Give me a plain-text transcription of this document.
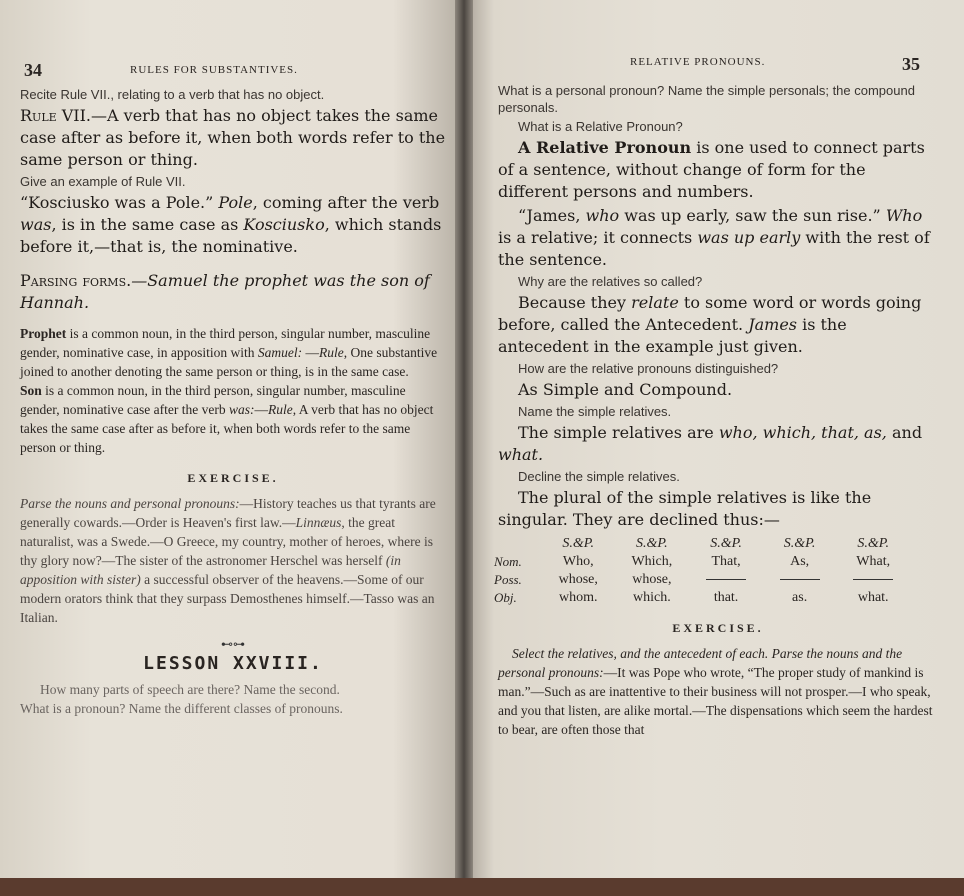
34	RULES FOR SUBSTANTIVES.

Recite Rule VII., relating to a verb that has no object.

Rule VII.—A verb that has no object takes the same case after as before it, when both words refer to the same person or thing.

Give an example of Rule VII.

“Kosciusko was a Pole.” Pole, coming after the verb was, is in the same case as Kosciusko, which stands before it,—that is, the nominative.

Parsing forms.—Samuel the prophet was the son of Hannah.

Prophet is a common noun, in the third person, singular number, masculine gender, nominative case, in apposition with Samuel: —Rule, One substantive joined to another denoting the same person or thing, is in the same case.

Son is a common noun, in the third person, singular number, masculine gender, nominative case after the verb was:—Rule, A verb that has no object takes the same case after as before it, when both words refer to the same person or thing.

EXERCISE.

Parse the nouns and personal pronouns:—History teaches us that tyrants are generally cowards.—Order is Heaven's first law.—Linnæus, the great naturalist, was a Swede.—O Greece, my country, mother of heroes, where is thy glory now?—The sister of the astronomer Herschel was herself (in apposition with sister) a successful observer of the heavens.—Some of our modern orators think that they surpass Demosthenes himself.—Tasso was an Italian.

⊷⊶
LESSON XXVIII.

How many parts of speech are there? Name the second.

What is a pronoun? Name the different classes of pronouns.

RELATIVE PRONOUNS.	35

What is a personal pronoun? Name the simple personals; the compound personals.

What is a Relative Pronoun?

A Relative Pronoun is one used to connect parts of a sentence, without change of form for the different persons and numbers.

“James, who was up early, saw the sun rise.” Who is a relative; it connects was up early with the rest of the sentence.

Why are the relatives so called?

Because they relate to some word or words going before, called the Antecedent. James is the antecedent in the example just given.

How are the relative pronouns distinguished?

As Simple and Compound.

Name the simple relatives.

The simple relatives are who, which, that, as, and what.

Decline the simple relatives.

The plural of the simple relatives is like the singular. They are declined thus:—

	S.&P.	S.&P.	S.&P.	S.&P.	S.&P.
Nom.	Who,	Which,	That,	As,	What,
Poss.	whose,	whose,			
Obj.	whom.	which.	that.	as.	what.
EXERCISE.

Select the relatives, and the antecedent of each. Parse the nouns and the personal pronouns:—It was Pope who wrote, “The proper study of mankind is man.”—Such as are inattentive to their business will not prosper.—I who speak, and you that listen, are alike mortal.—The dispensations which seem the hardest to bear, are often those that
